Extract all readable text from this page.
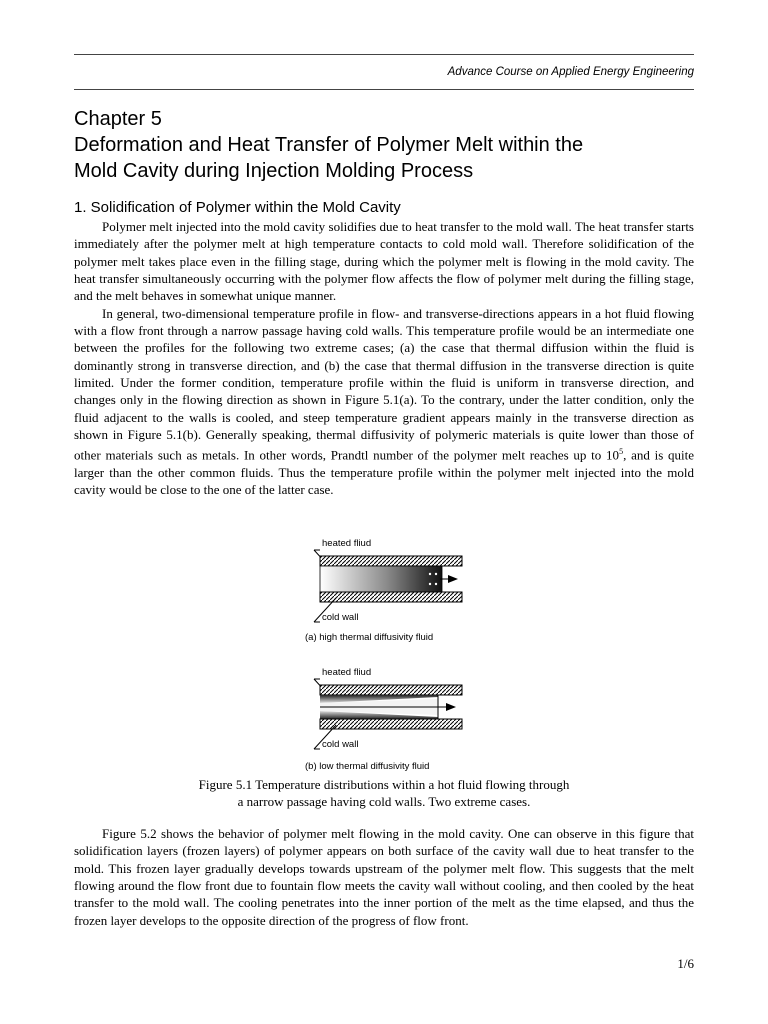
Advance Course on Applied Energy Engineering
Chapter 5
Deformation and Heat Transfer of Polymer Melt within the
Mold Cavity during Injection Molding Process
1. Solidification of Polymer within the Mold Cavity

Polymer melt injected into the mold cavity solidifies due to heat transfer to the mold wall. The heat transfer starts immediately after the polymer melt at high temperature contacts to cold mold wall. Therefore solidification of the polymer melt takes place even in the filling stage, during which the polymer melt is flowing in the mold cavity. The heat transfer simultaneously occurring with the polymer flow affects the flow of polymer melt during the filling stage, and the melt behaves in somewhat unique manner.

In general, two-dimensional temperature profile in flow- and transverse-directions appears in a hot fluid flowing with a flow front through a narrow passage having cold walls. This temperature profile would be an intermediate one between the profiles for the following two extreme cases; (a) the case that thermal diffusion within the fluid is dominantly strong in transverse direction, and (b) the case that thermal diffusion in the transverse direction is quite limited. Under the former condition, temperature profile within the fluid is uniform in transverse direction, and changes only in the flowing direction as shown in Figure 5.1(a). To the contrary, under the latter condition, only the fluid adjacent to the walls is cooled, and steep temperature gradient appears mainly in the transverse direction as shown in Figure 5.1(b). Generally speaking, thermal diffusivity of polymeric materials is quite lower than those of other materials such as metals. In other words, Prandtl number of the polymer melt reaches up to $10^5$, and is quite larger than the other common fluids. Thus the temperature profile within the polymer melt injected into the mold cavity would be close to the one of the latter case.

heated fliud
cold wall
(a) high thermal diffusivity fluid
heated fliud
cold wall
(b) low thermal diffusivity fluid
Figure 5.1 Temperature distributions within a hot fluid flowing through
a narrow passage having cold walls. Two extreme cases.

Figure 5.2 shows the behavior of polymer melt flowing in the mold cavity. One can observe in this figure that solidification layers (frozen layers) of polymer appears on both surface of the cavity wall due to heat transfer to the mold. This frozen layer gradually develops towards upstream of the polymer melt flow. This suggests that the melt flowing around the flow front due to fountain flow meets the cavity wall without cooling, and then cooled by the heat transfer to the mold wall. The cooling penetrates into the inner portion of the melt as the time elapsed, and thus the frozen layer develops to the opposite direction of the progress of flow front.

1/6
